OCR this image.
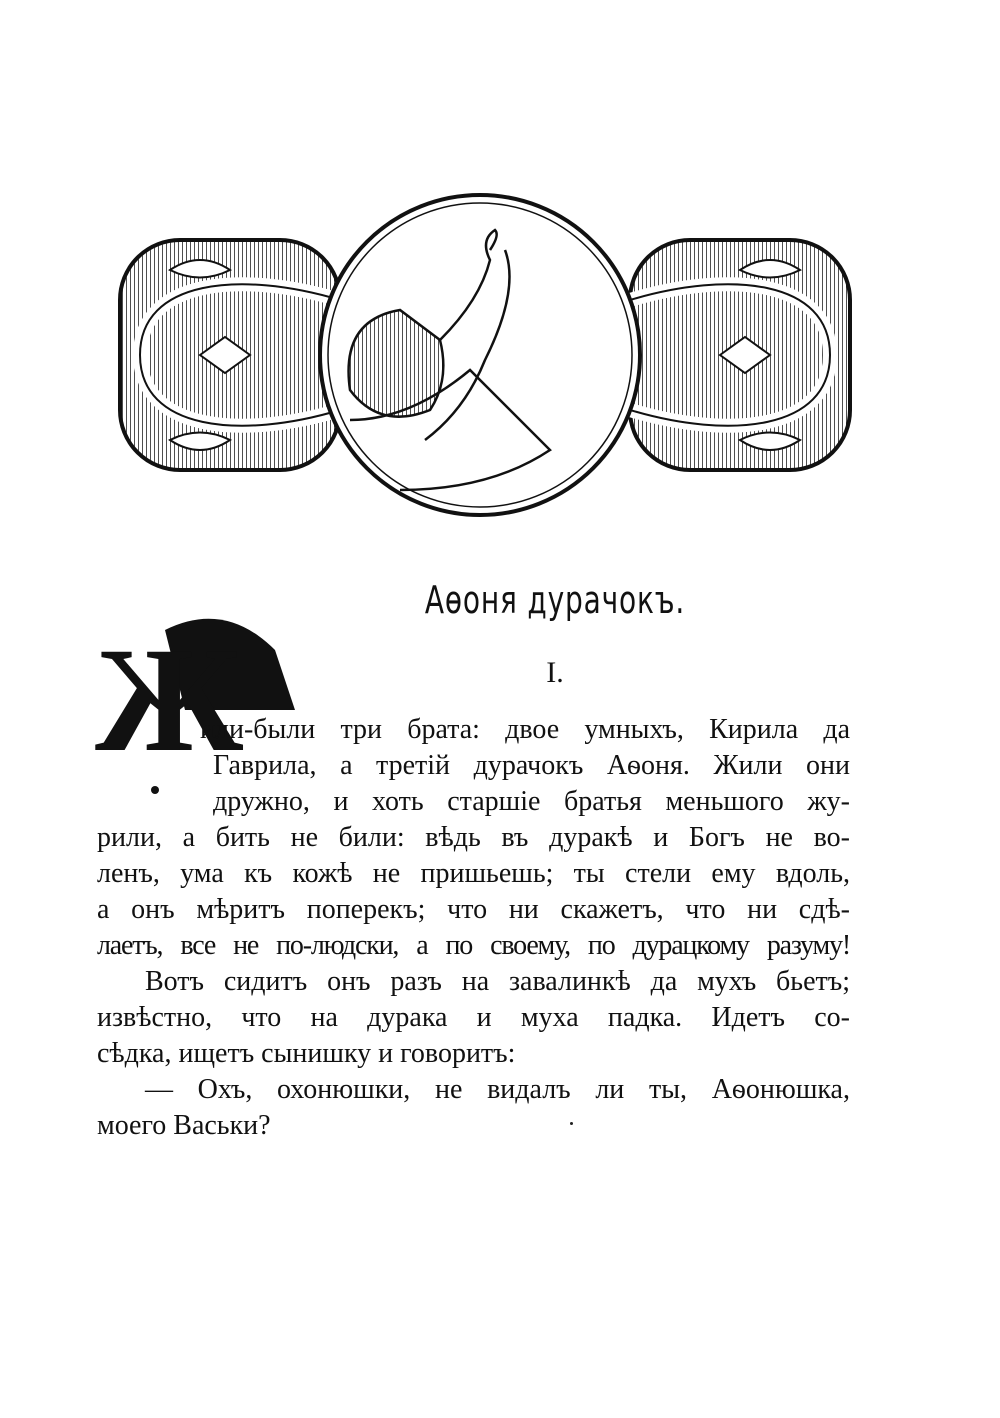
Аѳоня дурачокъ.
Ж	I.
или-были три брата: двое умныхъ, Кирила да
Гаврила, а третій дурачокъ Аѳоня. Жили они
дружно, и хоть старшіе братья меньшого жу-
рили, а бить не били: вѣдь въ дуракѣ и Богъ не во-
ленъ, ума къ кожѣ не пришьешь; ты стели ему вдоль,
а онъ мѣритъ поперекъ; что ни скажетъ, что ни сдѣ-
лаетъ, все не по-людски, а по своему, по дурацкому разуму!
Вотъ сидитъ онъ разъ на завалинкѣ да мухъ бьетъ;
извѣстно, что на дурака и муха падка. Идетъ со-
сѣдка, ищетъ сынишку и говоритъ:
— Охъ, охонюшки, не видалъ ли ты, Аѳонюшка,
моего Васьки?
